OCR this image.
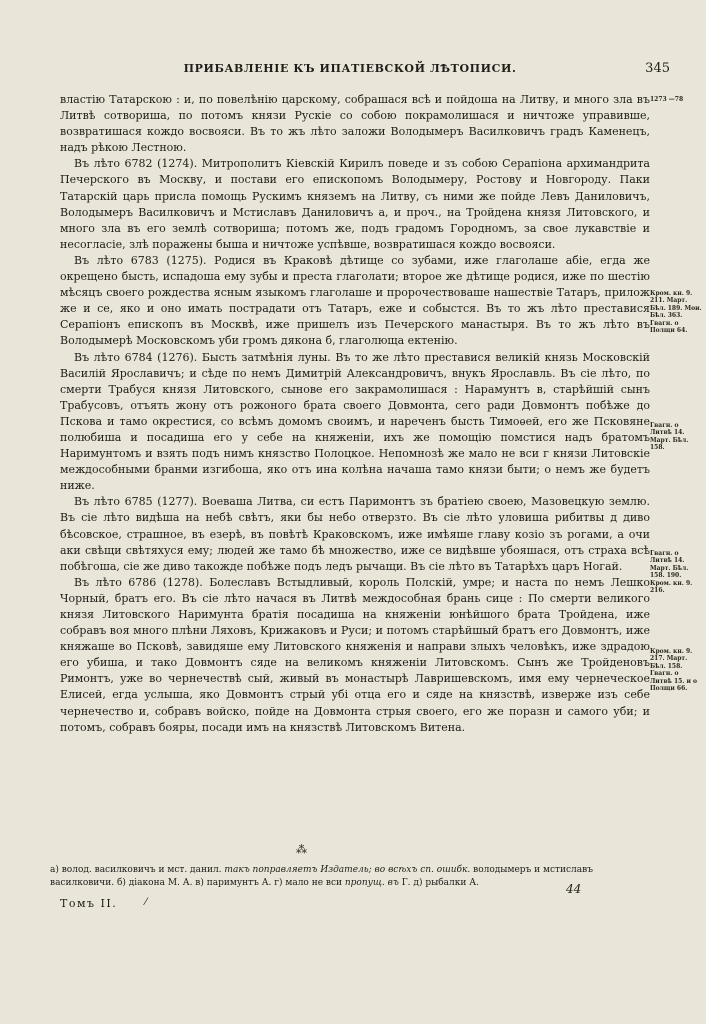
ПРИБАВЛЕНIЕ КЪ ИПАТIЕВСКОЙ ЛѢТОПИСИ.	345

властію Татарскою : и, по повелѣнію царскому, собрашася всѣ и пойдоша на Литву, и много зла въ Литвѣ сотвориша, по потомъ князи Рускіе со собою покрамолишася и ничтоже управивше, возвратишася кождо восвояси. Въ то жъ лѣто заложи Володымеръ Василковичъ градъ Каменецъ, надъ рѣкою Лестною.

Въ лѣто 6782 (1274). Митрополитъ Кіевскій Кирилъ поведе и зъ собою Серапіона архимандрита Печерского въ Москву, и постави его епископомъ Володымеру, Ростову и Новгороду. Паки Татарскій царь присла помощь Рускимъ княземъ на Литву, съ ними же пойде Левъ Даниловичъ, Володымеръ Василковичъ и Мстиславъ Даниловичъ а, и проч., на Тройдена князя Литовского, и много зла въ его землѣ сотвориша; потомъ же, подъ градомъ Городномъ, за свое лукавствіе и несогласіе, злѣ поражены быша и ничтоже успѣвше, возвратишася кождо восвояси.

Въ лѣто 6783 (1275). Родися въ Краковѣ дѣтище со зубами, иже глаголаше абіе, егда же окрещено бысть, испадоша ему зубы и преста глаголати; второе же дѣтище родися, иже по шестію мѣсяцъ своего рождества ясным языкомъ глаголаше и пророчествоваше нашествіе Татаръ, прилож же и се, яко и оно имать пострадати отъ Татаръ, еже и собыстся. Въ то жъ лѣто преставися Серапіонъ епископъ въ Москвѣ, иже пришелъ изъ Печерского манастыря. Въ то жъ лѣто въ Володымерѣ Московскомъ уби громъ дякона б, глаголюща ектенію.

Въ лѣто 6784 (1276). Бысть затмѣнія луны. Въ то же лѣто преставися великій князь Московскій Василій Ярославичъ; и сѣде по немъ Димитрій Александровичъ, внукъ Ярославль. Въ сіе лѣто, по смерти Трабуся князя Литовского, сынове его закрамолишася : Нарамунтъ в, старѣйшій сынъ Трабусовъ, отъять жону отъ рожоного брата своего Довмонта, сего ради Довмонтъ побѣже до Пскова и тамо окрестися, со всѣмъ домомъ своимъ, и нареченъ бысть Тимоѳей, его же Псковяне полюбиша и посадиша его у себе на княженіи, ихъ же помощію помстися надъ братомъ Наримунтомъ и взять подъ нимъ князство Полоцкое. Непомнозѣ же мало не вси г князи Литовскіе междособными бранми изгибоша, яко отъ ина колѣна начаша тамо князи быти; о немъ же будетъ ниже.

Въ лѣто 6785 (1277). Воеваша Литва, си естъ Паримонтъ зъ братіею своею, Мазовецкую землю. Въ сіе лѣто видѣша на небѣ свѣтъ, яки бы небо отверзто. Въ сіе лѣто уловиша рибитвы д диво бѣсовское, страшное, въ езерѣ, въ повѣтѣ Краковскомъ, иже имѣяше главу козіо зъ рогами, а очи аки свѣщи свѣтяхуся ему; людей же тамо бѣ множество, иже се видѣвше убояшася, отъ страха всѣ побѣгоша, сіе же диво такожде побѣже подъ ледъ рычащи. Въ сіе лѣто въ Татарѣхъ царъ Ногай.

Въ лѣто 6786 (1278). Болеславъ Встыдливый, король Полскій, умре; и наста по немъ Лешко Чорный, братъ его. Въ сіе лѣто начася въ Литвѣ междособная брань сице : По смерти великого князя Литовского Наримунта братія посадиша на княженіи юнѣйшого брата Тройдена, иже собравъ воя много плѣни Ляховъ, Крижаковъ и Руси; и потомъ старѣйшый братъ его Довмонтъ, иже княжаше во Псковѣ, завидяше ему Литовского княженія и направи злыхъ человѣкъ, иже здрадою его убиша, и тако Довмонтъ сяде на великомъ княженіи Литовскомъ. Сынъ же Тройденовъ Римонтъ, уже во чернечествѣ сый, живый въ монастырѣ Лавришевскомъ, имя ему чернеческое Елисей, егда услыша, яко Довмонтъ стрый убі отца его и сяде на князствѣ, изверже изъ себе чернечество и, собравъ войско, пойде на Довмонта стрыя своего, его же поразн и самого уби; и потомъ, собравъ бояры, посади имъ на князствѣ Литовскомъ Витена.

1273 —78
Кром. кн. 9. 211. Март. Бѣл. 189. Мои. Бѣл. 363. Гвагн. о Полщи 64.
Гвагн. о Литвѣ 14. Март. Бѣл. 158.
Гвагн. о Литвѣ 14. Март. Бѣл. 158. 190. Кром. кн. 9. 216.
Кром. кн. 9. 217. Март. Бѣл. 158. Гвагн. о Литвѣ 15. и о Полщи 66.
⁂
а) волод. василковичъ и мст. данил. такъ поправляетъ Издатель; во всѣхъ сп. ошибк. володымеръ и мстиславъ василковичи. б) діакона М. А. в) паримунтъ А. г) мало не вси пропущ. въ Г. д) рыбалки А.	44
Томъ II.	⁄
